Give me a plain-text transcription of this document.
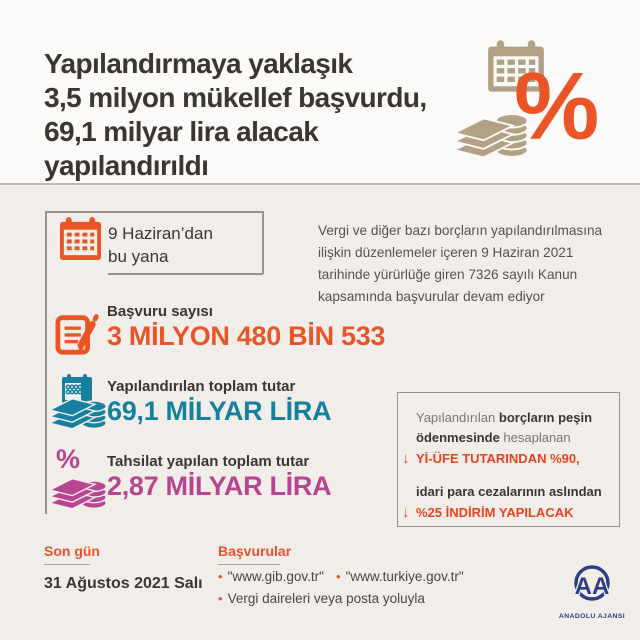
Yapılandırmaya yaklaşık
3,5 milyon mükellef başvurdu,
69,1 milyar lira alacak
yapılandırıldı
%
9 Haziran’dan
bu yana

Vergi ve diğer bazı borçların yapılandırılmasına ilişkin düzenlemeler içeren 9 Haziran 2021 tarihinde yürürlüğe giren 7326 sayılı Kanun kapsamında başvurular devam ediyor

Başvuru sayısı
3 MİLYON 480 BİN 533
Yapılandırılan toplam tutar
69,1 MİLYAR LİRA
% Tahsilat yapılan toplam tutar
2,87 MİLYAR LİRA
Yapılandırılan borçların peşin
ödenmesinde hesaplanan
↓ Yİ-ÜFE TUTARINDAN %90,
idari para cezalarının aslından
↓ %25 İNDİRİM YAPILACAK
Son gün
31 Ağustos 2021 Salı
Başvurular
• "www.gib.gov.tr" • "www.turkiye.gov.tr"
• Vergi daireleri veya posta yoluyla	AA
ANADOLU AJANSI
